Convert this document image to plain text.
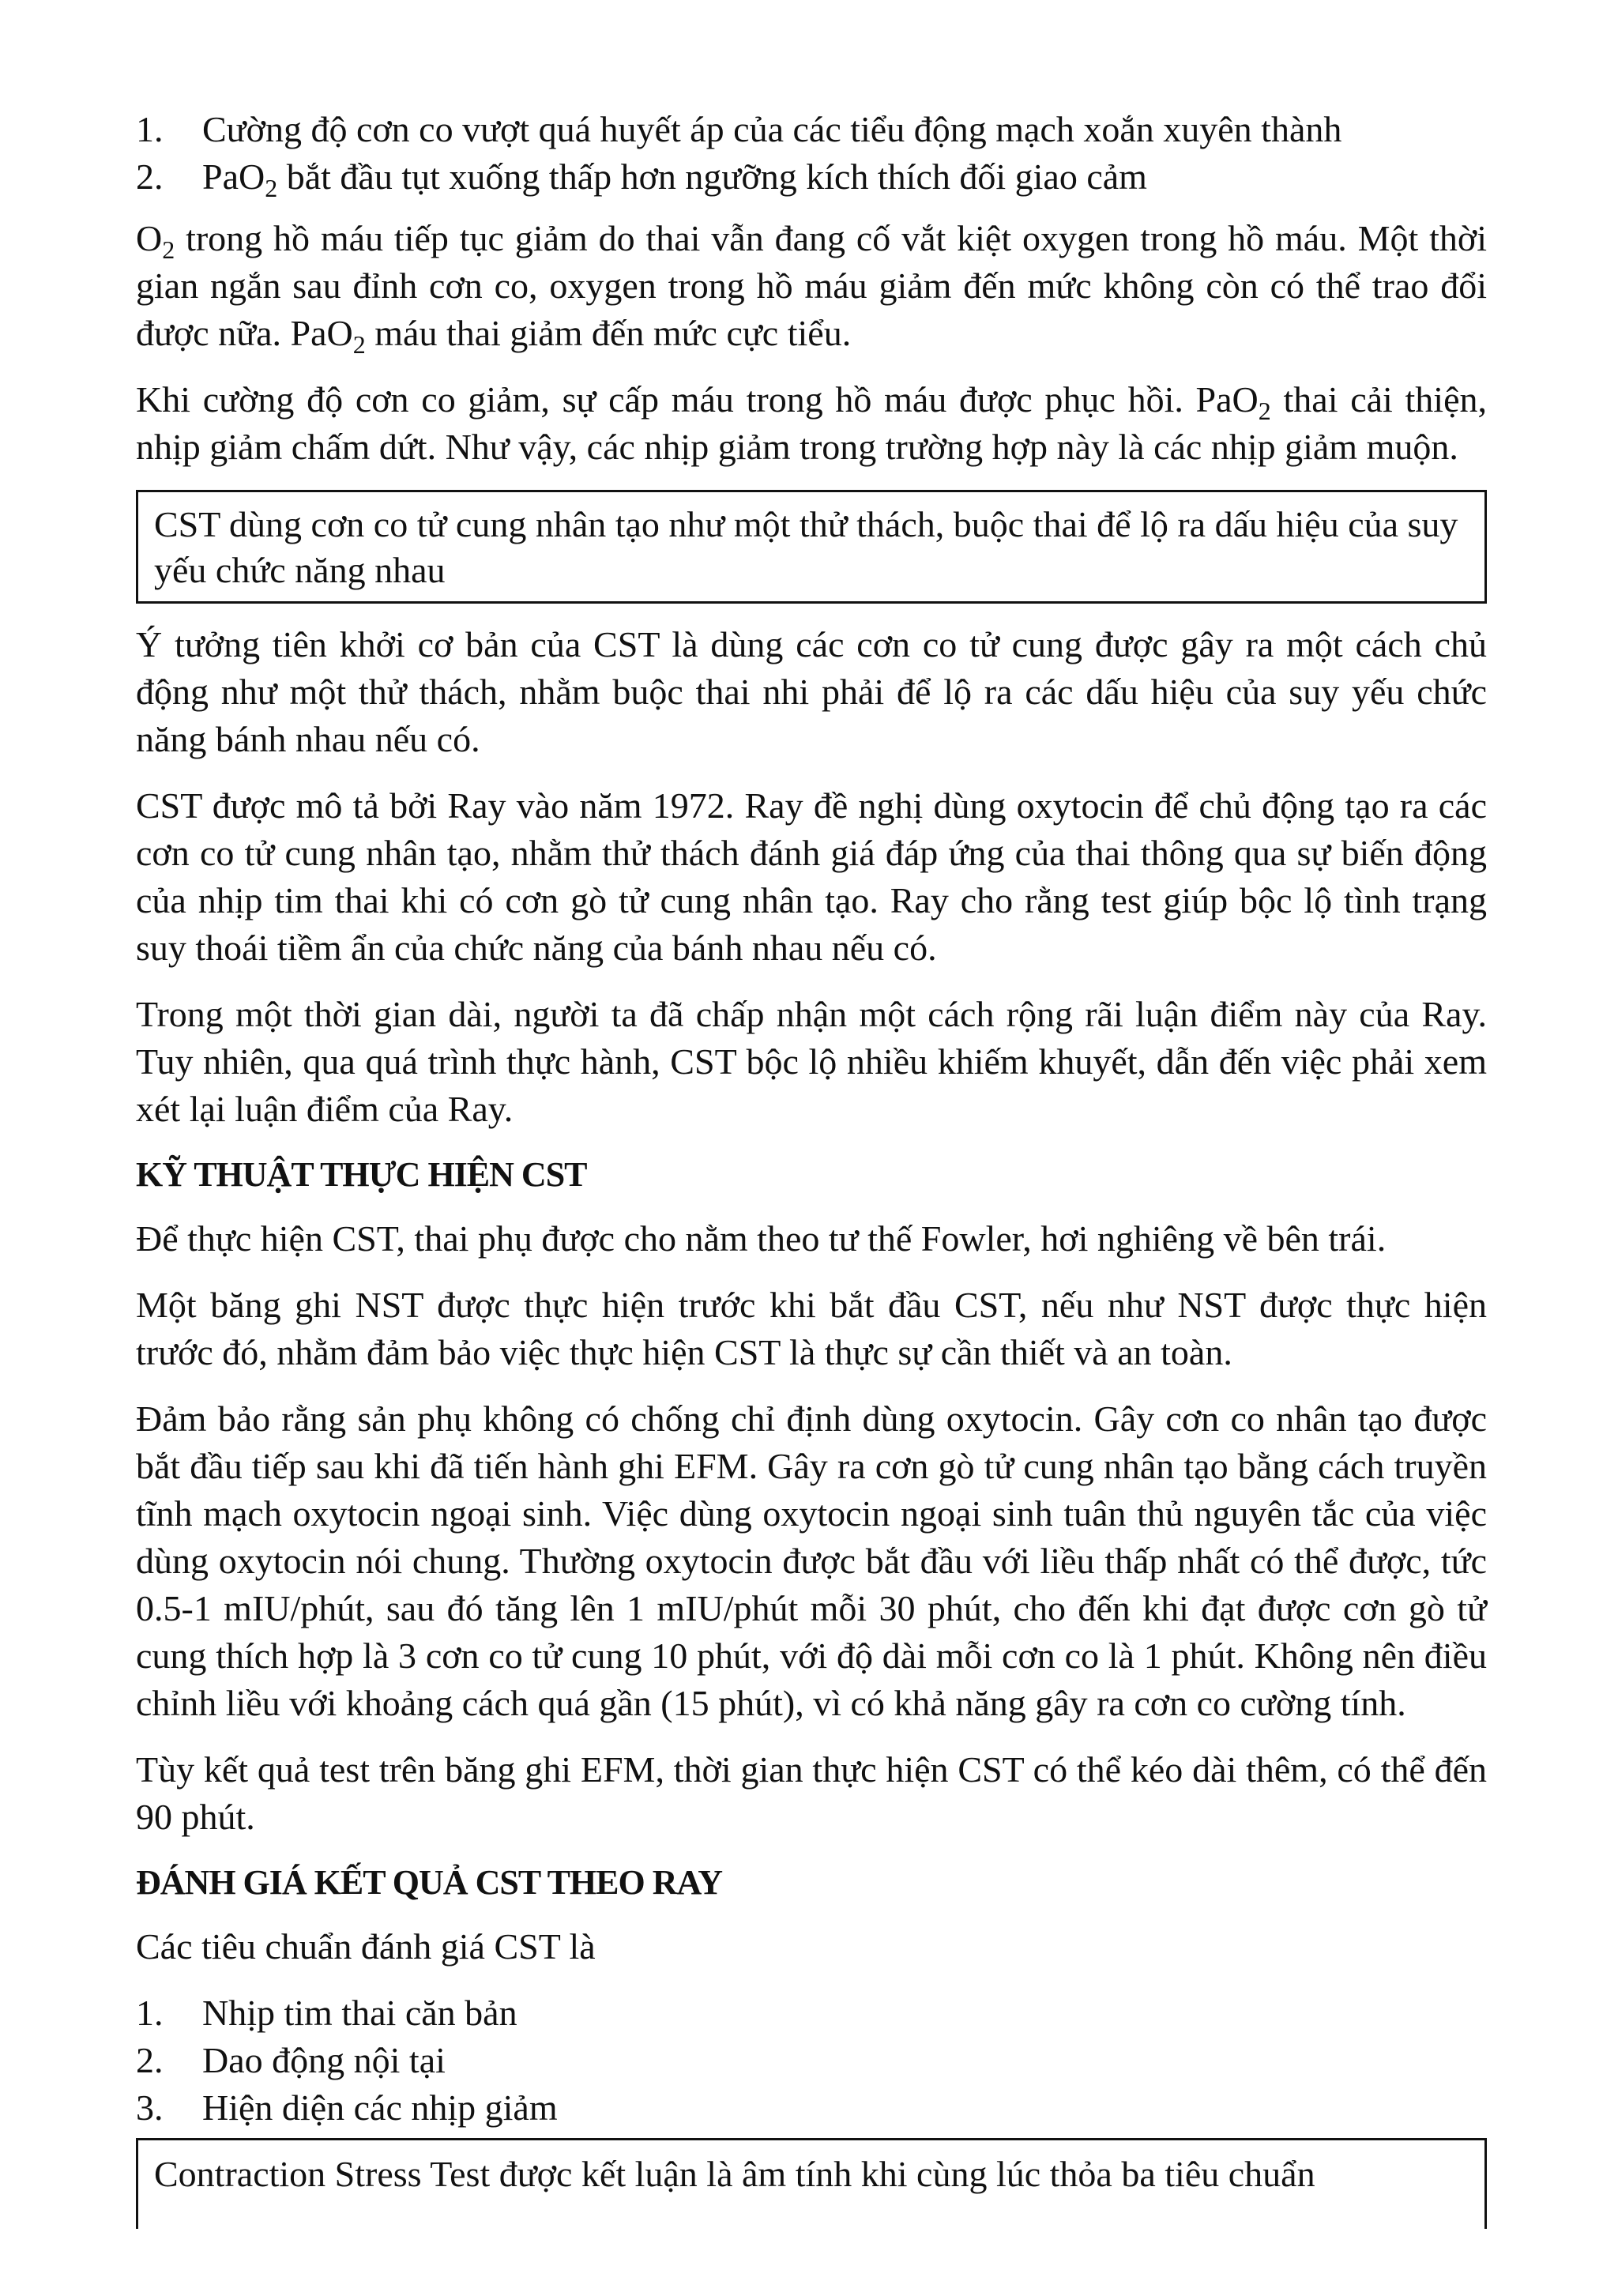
1.	Cường độ cơn co vượt quá huyết áp của các tiểu động mạch xoắn xuyên thành
2.	PaO$_2$ bắt đầu tụt xuống thấp hơn ngưỡng kích thích đối giao cảm

$O_2$ trong hồ máu tiếp tục giảm do thai vẫn đang cố vắt kiệt oxygen trong hồ máu. Một thời gian ngắn sau đỉnh cơn co, oxygen trong hồ máu giảm đến mức không còn có thể trao đổi được nữa. PaO$_2$ máu thai giảm đến mức cực tiểu.

Khi cường độ cơn co giảm, sự cấp máu trong hồ máu được phục hồi. PaO$_2$ thai cải thiện, nhịp giảm chấm dứt. Như vậy, các nhịp giảm trong trường hợp này là các nhịp giảm muộn.

CST dùng cơn co tử cung nhân tạo như một thử thách, buộc thai để lộ ra dấu hiệu của suy yếu chức năng nhau

Ý tưởng tiên khởi cơ bản của CST là dùng các cơn co tử cung được gây ra một cách chủ động như một thử thách, nhằm buộc thai nhi phải để lộ ra các dấu hiệu của suy yếu chức năng bánh nhau nếu có.

CST được mô tả bởi Ray vào năm 1972. Ray đề nghị dùng oxytocin để chủ động tạo ra các cơn co tử cung nhân tạo, nhằm thử thách đánh giá đáp ứng của thai thông qua sự biến động của nhịp tim thai khi có cơn gò tử cung nhân tạo. Ray cho rằng test giúp bộc lộ tình trạng suy thoái tiềm ẩn của chức năng của bánh nhau nếu có.

Trong một thời gian dài, người ta đã chấp nhận một cách rộng rãi luận điểm này của Ray. Tuy nhiên, qua quá trình thực hành, CST bộc lộ nhiều khiếm khuyết, dẫn đến việc phải xem xét lại luận điểm của Ray.

KỸ THUẬT THỰC HIỆN CST

Để thực hiện CST, thai phụ được cho nằm theo tư thế Fowler, hơi nghiêng về bên trái.

Một băng ghi NST được thực hiện trước khi bắt đầu CST, nếu như NST được thực hiện trước đó, nhằm đảm bảo việc thực hiện CST là thực sự cần thiết và an toàn.

Đảm bảo rằng sản phụ không có chống chỉ định dùng oxytocin. Gây cơn co nhân tạo được bắt đầu tiếp sau khi đã tiến hành ghi EFM. Gây ra cơn gò tử cung nhân tạo bằng cách truyền tĩnh mạch oxytocin ngoại sinh. Việc dùng oxytocin ngoại sinh tuân thủ nguyên tắc của việc dùng oxytocin nói chung. Thường oxytocin được bắt đầu với liều thấp nhất có thể được, tức 0.5-1 mIU/phút, sau đó tăng lên 1 mIU/phút mỗi 30 phút, cho đến khi đạt được cơn gò tử cung thích hợp là 3 cơn co tử cung 10 phút, với độ dài mỗi cơn co là 1 phút. Không nên điều chỉnh liều với khoảng cách quá gần (15 phút), vì có khả năng gây ra cơn co cường tính.

Tùy kết quả test trên băng ghi EFM, thời gian thực hiện CST có thể kéo dài thêm, có thể đến 90 phút.

ĐÁNH GIÁ KẾT QUẢ CST THEO RAY

Các tiêu chuẩn đánh giá CST là

1.	Nhịp tim thai căn bản
2.	Dao động nội tại
3.	Hiện diện các nhịp giảm
Contraction Stress Test được kết luận là âm tính khi cùng lúc thỏa ba tiêu chuẩn
